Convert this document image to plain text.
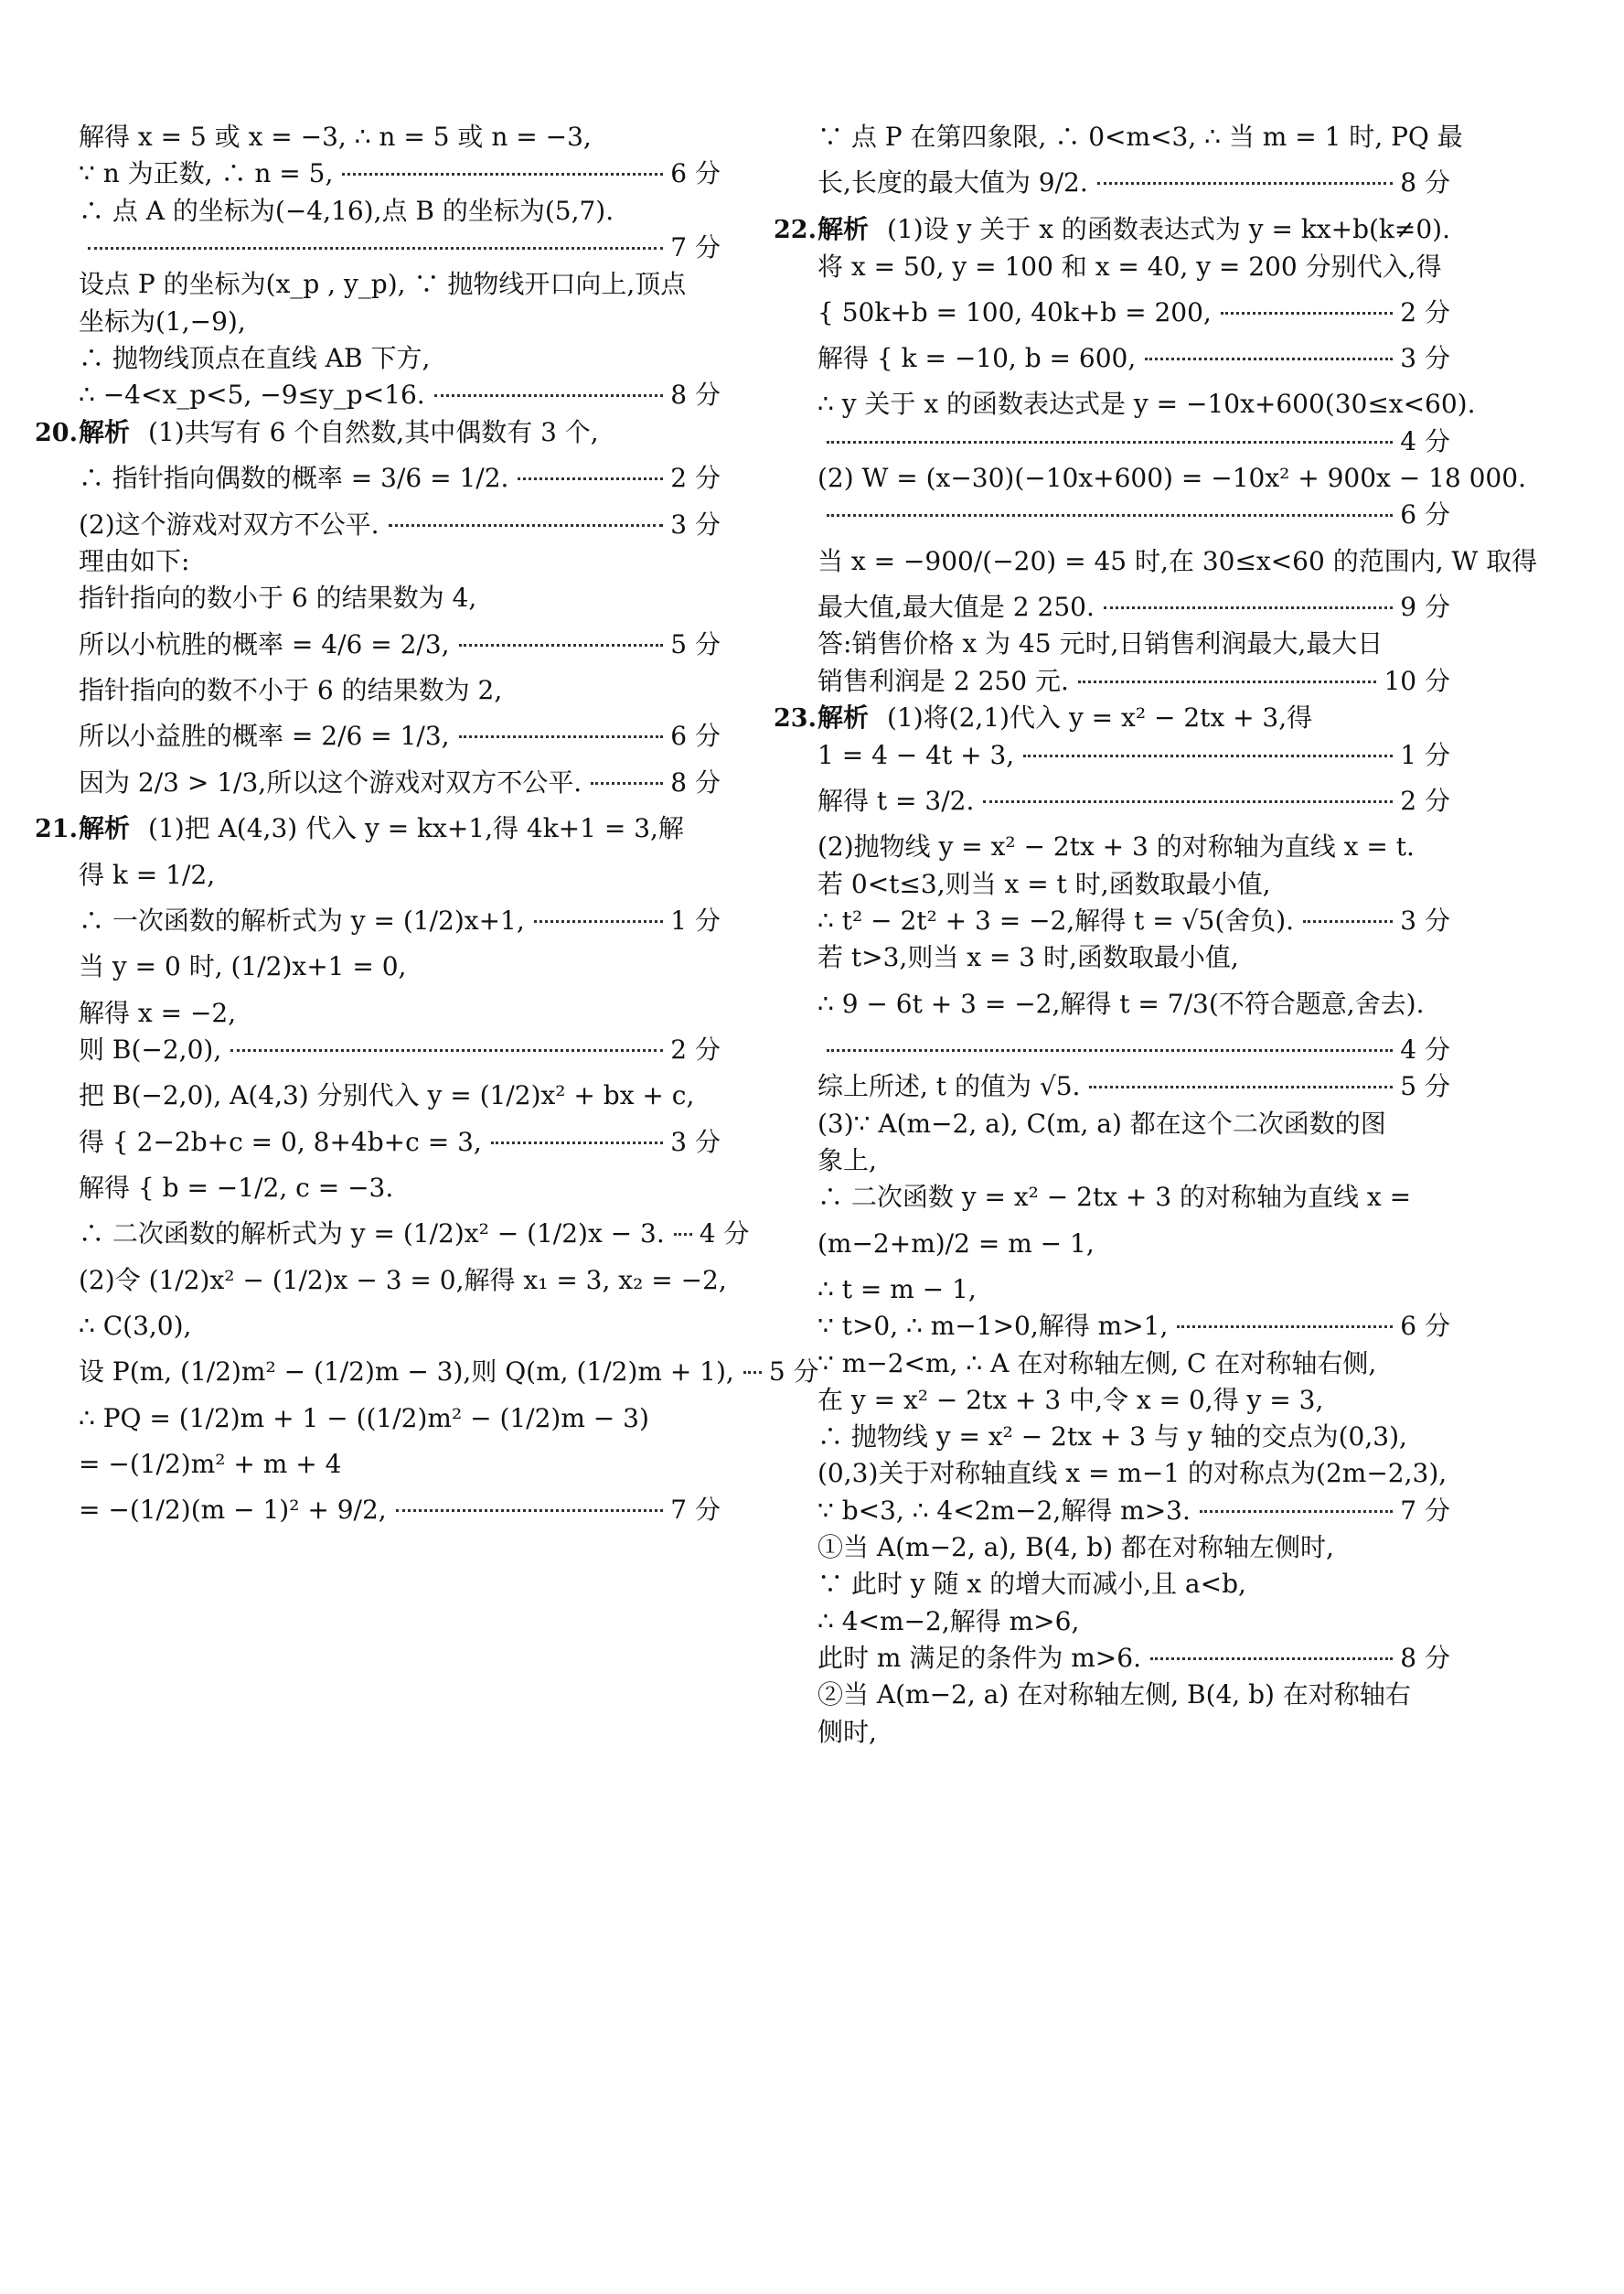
解得 x = 5 或 x = −3, ∴ n = 5 或 n = −3,
∵ n 为正数, ∴ n = 5,	6 分
∴ 点 A 的坐标为(−4,16),点 B 的坐标为(5,7).
7 分
设点 P 的坐标为(x_p , y_p), ∵ 抛物线开口向上,顶点
坐标为(1,−9),
∴ 抛物线顶点在直线 AB 下方,
∴ −4<x_p<5, −9≤y_p<16.	8 分
20. 解析 (1)共写有 6 个自然数,其中偶数有 3 个,
∴ 指针指向偶数的概率 = 3/6 = 1/2.	2 分
(2)这个游戏对双方不公平.	3 分
理由如下:
指针指向的数小于 6 的结果数为 4,
所以小杭胜的概率 = 4/6 = 2/3,	5 分
指针指向的数不小于 6 的结果数为 2,
所以小益胜的概率 = 2/6 = 1/3,	6 分
因为 2/3 > 1/3,所以这个游戏对双方不公平.	8 分
21. 解析 (1)把 A(4,3) 代入 y = kx+1,得 4k+1 = 3,解
得 k = 1/2,
∴ 一次函数的解析式为 y = (1/2)x+1,	1 分
当 y = 0 时, (1/2)x+1 = 0,
解得 x = −2,
则 B(−2,0),	2 分
把 B(−2,0), A(4,3) 分别代入 y = (1/2)x² + bx + c,
得 { 2−2b+c = 0, 8+4b+c = 3,	3 分
解得 { b = −1/2, c = −3.
∴ 二次函数的解析式为 y = (1/2)x² − (1/2)x − 3. 4 分
(2)令 (1/2)x² − (1/2)x − 3 = 0,解得 x₁ = 3, x₂ = −2,
∴ C(3,0),
设 P(m, (1/2)m² − (1/2)m − 3),则 Q(m, (1/2)m + 1), 5 分
∴ PQ = (1/2)m + 1 − ((1/2)m² − (1/2)m − 3)
= −(1/2)m² + m + 4
= −(1/2)(m − 1)² + 9/2,	7 分
∵ 点 P 在第四象限, ∴ 0<m<3, ∴ 当 m = 1 时, PQ 最
长,长度的最大值为 9/2.	8 分
22. 解析 (1)设 y 关于 x 的函数表达式为 y = kx+b(k≠0).
将 x = 50, y = 100 和 x = 40, y = 200 分别代入,得
{ 50k+b = 100, 40k+b = 200,	2 分
解得 { k = −10, b = 600,	3 分
∴ y 关于 x 的函数表达式是 y = −10x+600(30≤x<60).
4 分
(2) W = (x−30)(−10x+600) = −10x² + 900x − 18 000.
6 分
当 x = −900/(−20) = 45 时,在 30≤x<60 的范围内, W 取得
最大值,最大值是 2 250.	9 分
答:销售价格 x 为 45 元时,日销售利润最大,最大日
销售利润是 2 250 元.	10 分
23. 解析 (1)将(2,1)代入 y = x² − 2tx + 3,得
1 = 4 − 4t + 3,	1 分
解得 t = 3/2.	2 分
(2)抛物线 y = x² − 2tx + 3 的对称轴为直线 x = t.
若 0<t≤3,则当 x = t 时,函数取最小值,
∴ t² − 2t² + 3 = −2,解得 t = √5(舍负).	3 分
若 t>3,则当 x = 3 时,函数取最小值,
∴ 9 − 6t + 3 = −2,解得 t = 7/3(不符合题意,舍去).
4 分
综上所述, t 的值为 √5.	5 分
(3)∵ A(m−2, a), C(m, a) 都在这个二次函数的图
象上,
∴ 二次函数 y = x² − 2tx + 3 的对称轴为直线 x =
(m−2+m)/2 = m − 1,
∴ t = m − 1,
∵ t>0, ∴ m−1>0,解得 m>1,	6 分
∵ m−2<m, ∴ A 在对称轴左侧, C 在对称轴右侧,
在 y = x² − 2tx + 3 中,令 x = 0,得 y = 3,
∴ 抛物线 y = x² − 2tx + 3 与 y 轴的交点为(0,3),
(0,3)关于对称轴直线 x = m−1 的对称点为(2m−2,3),
∵ b<3, ∴ 4<2m−2,解得 m>3.	7 分
①当 A(m−2, a), B(4, b) 都在对称轴左侧时,
∵ 此时 y 随 x 的增大而减小,且 a<b,
∴ 4<m−2,解得 m>6,
此时 m 满足的条件为 m>6.	8 分
②当 A(m−2, a) 在对称轴左侧, B(4, b) 在对称轴右
侧时,
